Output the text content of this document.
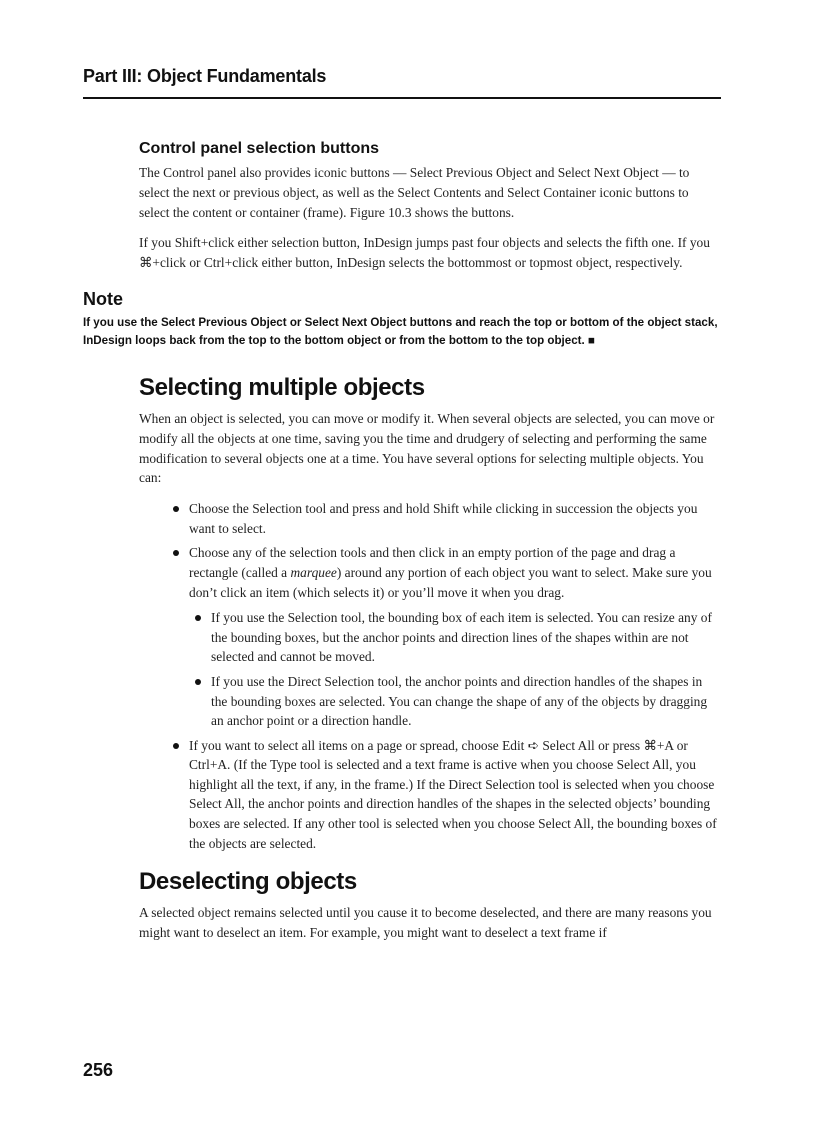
Part III: Object Fundamentals
Control panel selection buttons

The Control panel also provides iconic buttons — Select Previous Object and Select Next Object — to select the next or previous object, as well as the Select Contents and Select Container iconic buttons to select the content or container (frame). Figure 10.3 shows the buttons.

If you Shift+click either selection button, InDesign jumps past four objects and selects the fifth one. If you ⌘+click or Ctrl+click either button, InDesign selects the bottommost or topmost object, respectively.

Note

If you use the Select Previous Object or Select Next Object buttons and reach the top or bottom of the object stack, InDesign loops back from the top to the bottom object or from the bottom to the top object. ■

Selecting multiple objects

When an object is selected, you can move or modify it. When several objects are selected, you can move or modify all the objects at one time, saving you the time and drudgery of selecting and performing the same modification to several objects one at a time. You have several options for selecting multiple objects. You can:

Choose the Selection tool and press and hold Shift while clicking in succession the objects you want to select.
Choose any of the selection tools and then click in an empty portion of the page and drag a rectangle (called a marquee) around any portion of each object you want to select. Make sure you don’t click an item (which selects it) or you’ll move it when you drag.
If you use the Selection tool, the bounding box of each item is selected. You can resize any of the bounding boxes, but the anchor points and direction lines of the shapes within are not selected and cannot be moved.
If you use the Direct Selection tool, the anchor points and direction handles of the shapes in the bounding boxes are selected. You can change the shape of any of the objects by dragging an anchor point or a direction handle.
If you want to select all items on a page or spread, choose Edit ➪ Select All or press ⌘+A or Ctrl+A. (If the Type tool is selected and a text frame is active when you choose Select All, you highlight all the text, if any, in the frame.) If the Direct Selection tool is selected when you choose Select All, the anchor points and direction handles of the shapes in the selected objects’ bounding boxes are selected. If any other tool is selected when you choose Select All, the bounding boxes of the objects are selected.
Deselecting objects

A selected object remains selected until you cause it to become deselected, and there are many reasons you might want to deselect an item. For example, you might want to deselect a text frame if

256
